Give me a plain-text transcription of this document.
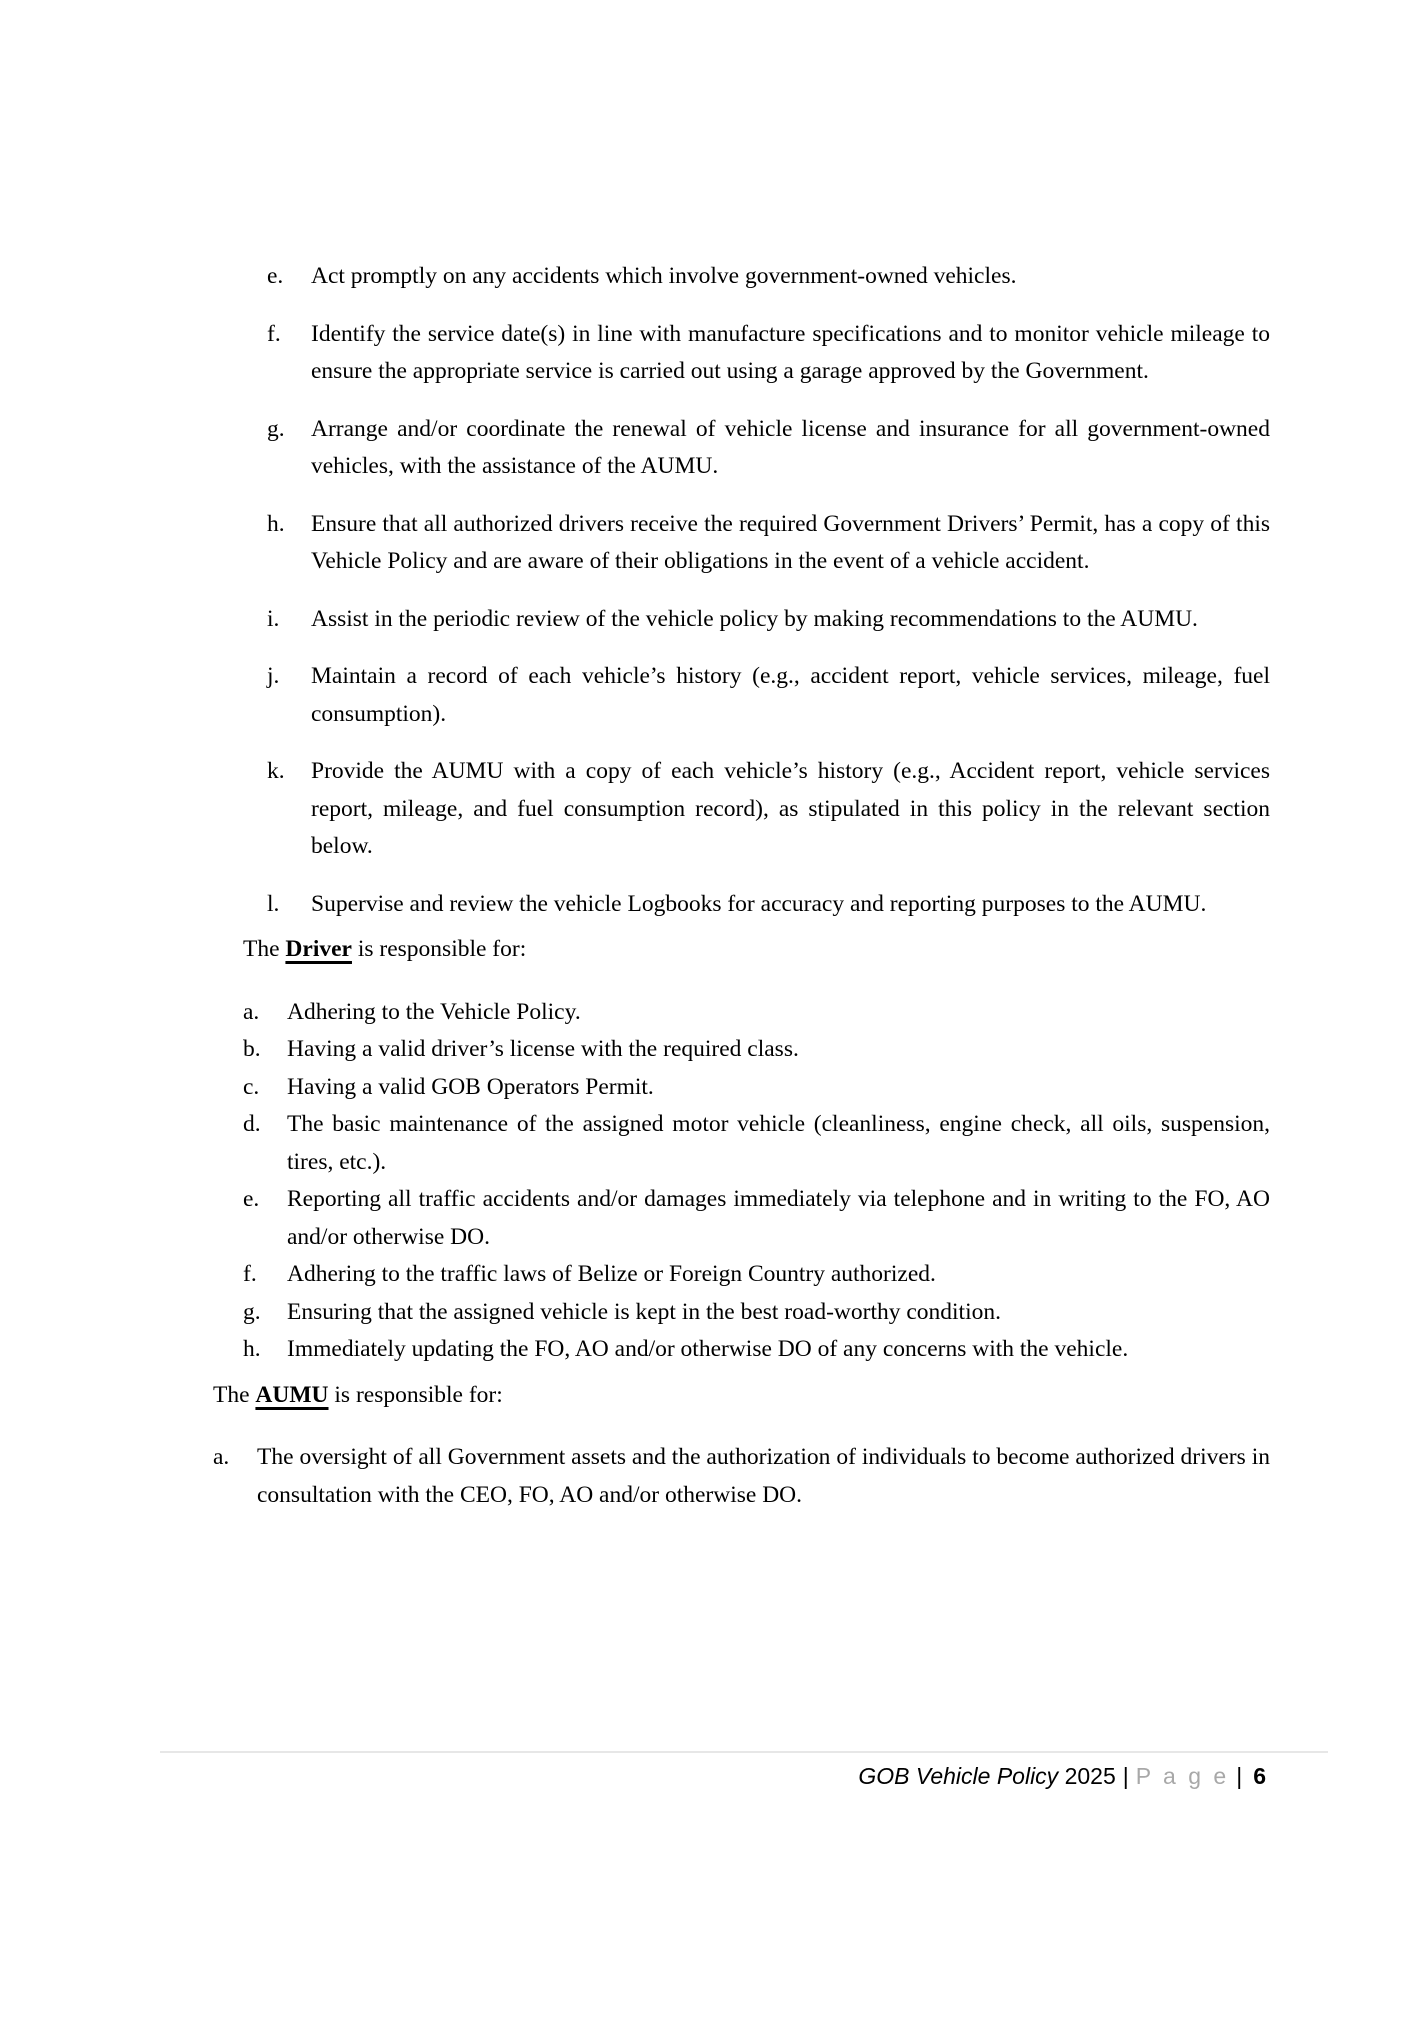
e.	Act promptly on any accidents which involve government-owned vehicles.
f.	Identify the service date(s) in line with manufacture specifications and to monitor vehicle mileage to ensure the appropriate service is carried out using a garage approved by the Government.
g.	Arrange and/or coordinate the renewal of vehicle license and insurance for all government-owned vehicles, with the assistance of the AUMU.
h.	Ensure that all authorized drivers receive the required Government Drivers’ Permit, has a copy of this Vehicle Policy and are aware of their obligations in the event of a vehicle accident.
i.	Assist in the periodic review of the vehicle policy by making recommendations to the AUMU.
j.	Maintain a record of each vehicle’s history (e.g., accident report, vehicle services, mileage, fuel consumption).
k.	Provide the AUMU with a copy of each vehicle’s history (e.g., Accident report, vehicle services report, mileage, and fuel consumption record), as stipulated in this policy in the relevant section below.
l.	Supervise and review the vehicle Logbooks for accuracy and reporting purposes to the AUMU.

The Driver is responsible for:

a.	Adhering to the Vehicle Policy.
b.	Having a valid driver’s license with the required class.
c.	Having a valid GOB Operators Permit.
d.	The basic maintenance of the assigned motor vehicle (cleanliness, engine check, all oils, suspension, tires, etc.).
e.	Reporting all traffic accidents and/or damages immediately via telephone and in writing to the FO, AO and/or otherwise DO.
f.	Adhering to the traffic laws of Belize or Foreign Country authorized.
g.	Ensuring that the assigned vehicle is kept in the best road-worthy condition.
h.	Immediately updating the FO, AO and/or otherwise DO of any concerns with the vehicle.

The AUMU is responsible for:

a.	The oversight of all Government assets and the authorization of individuals to become authorized drivers in consultation with the CEO, FO, AO and/or otherwise DO.
GOB Vehicle Policy 2025 | P a g e | 6
